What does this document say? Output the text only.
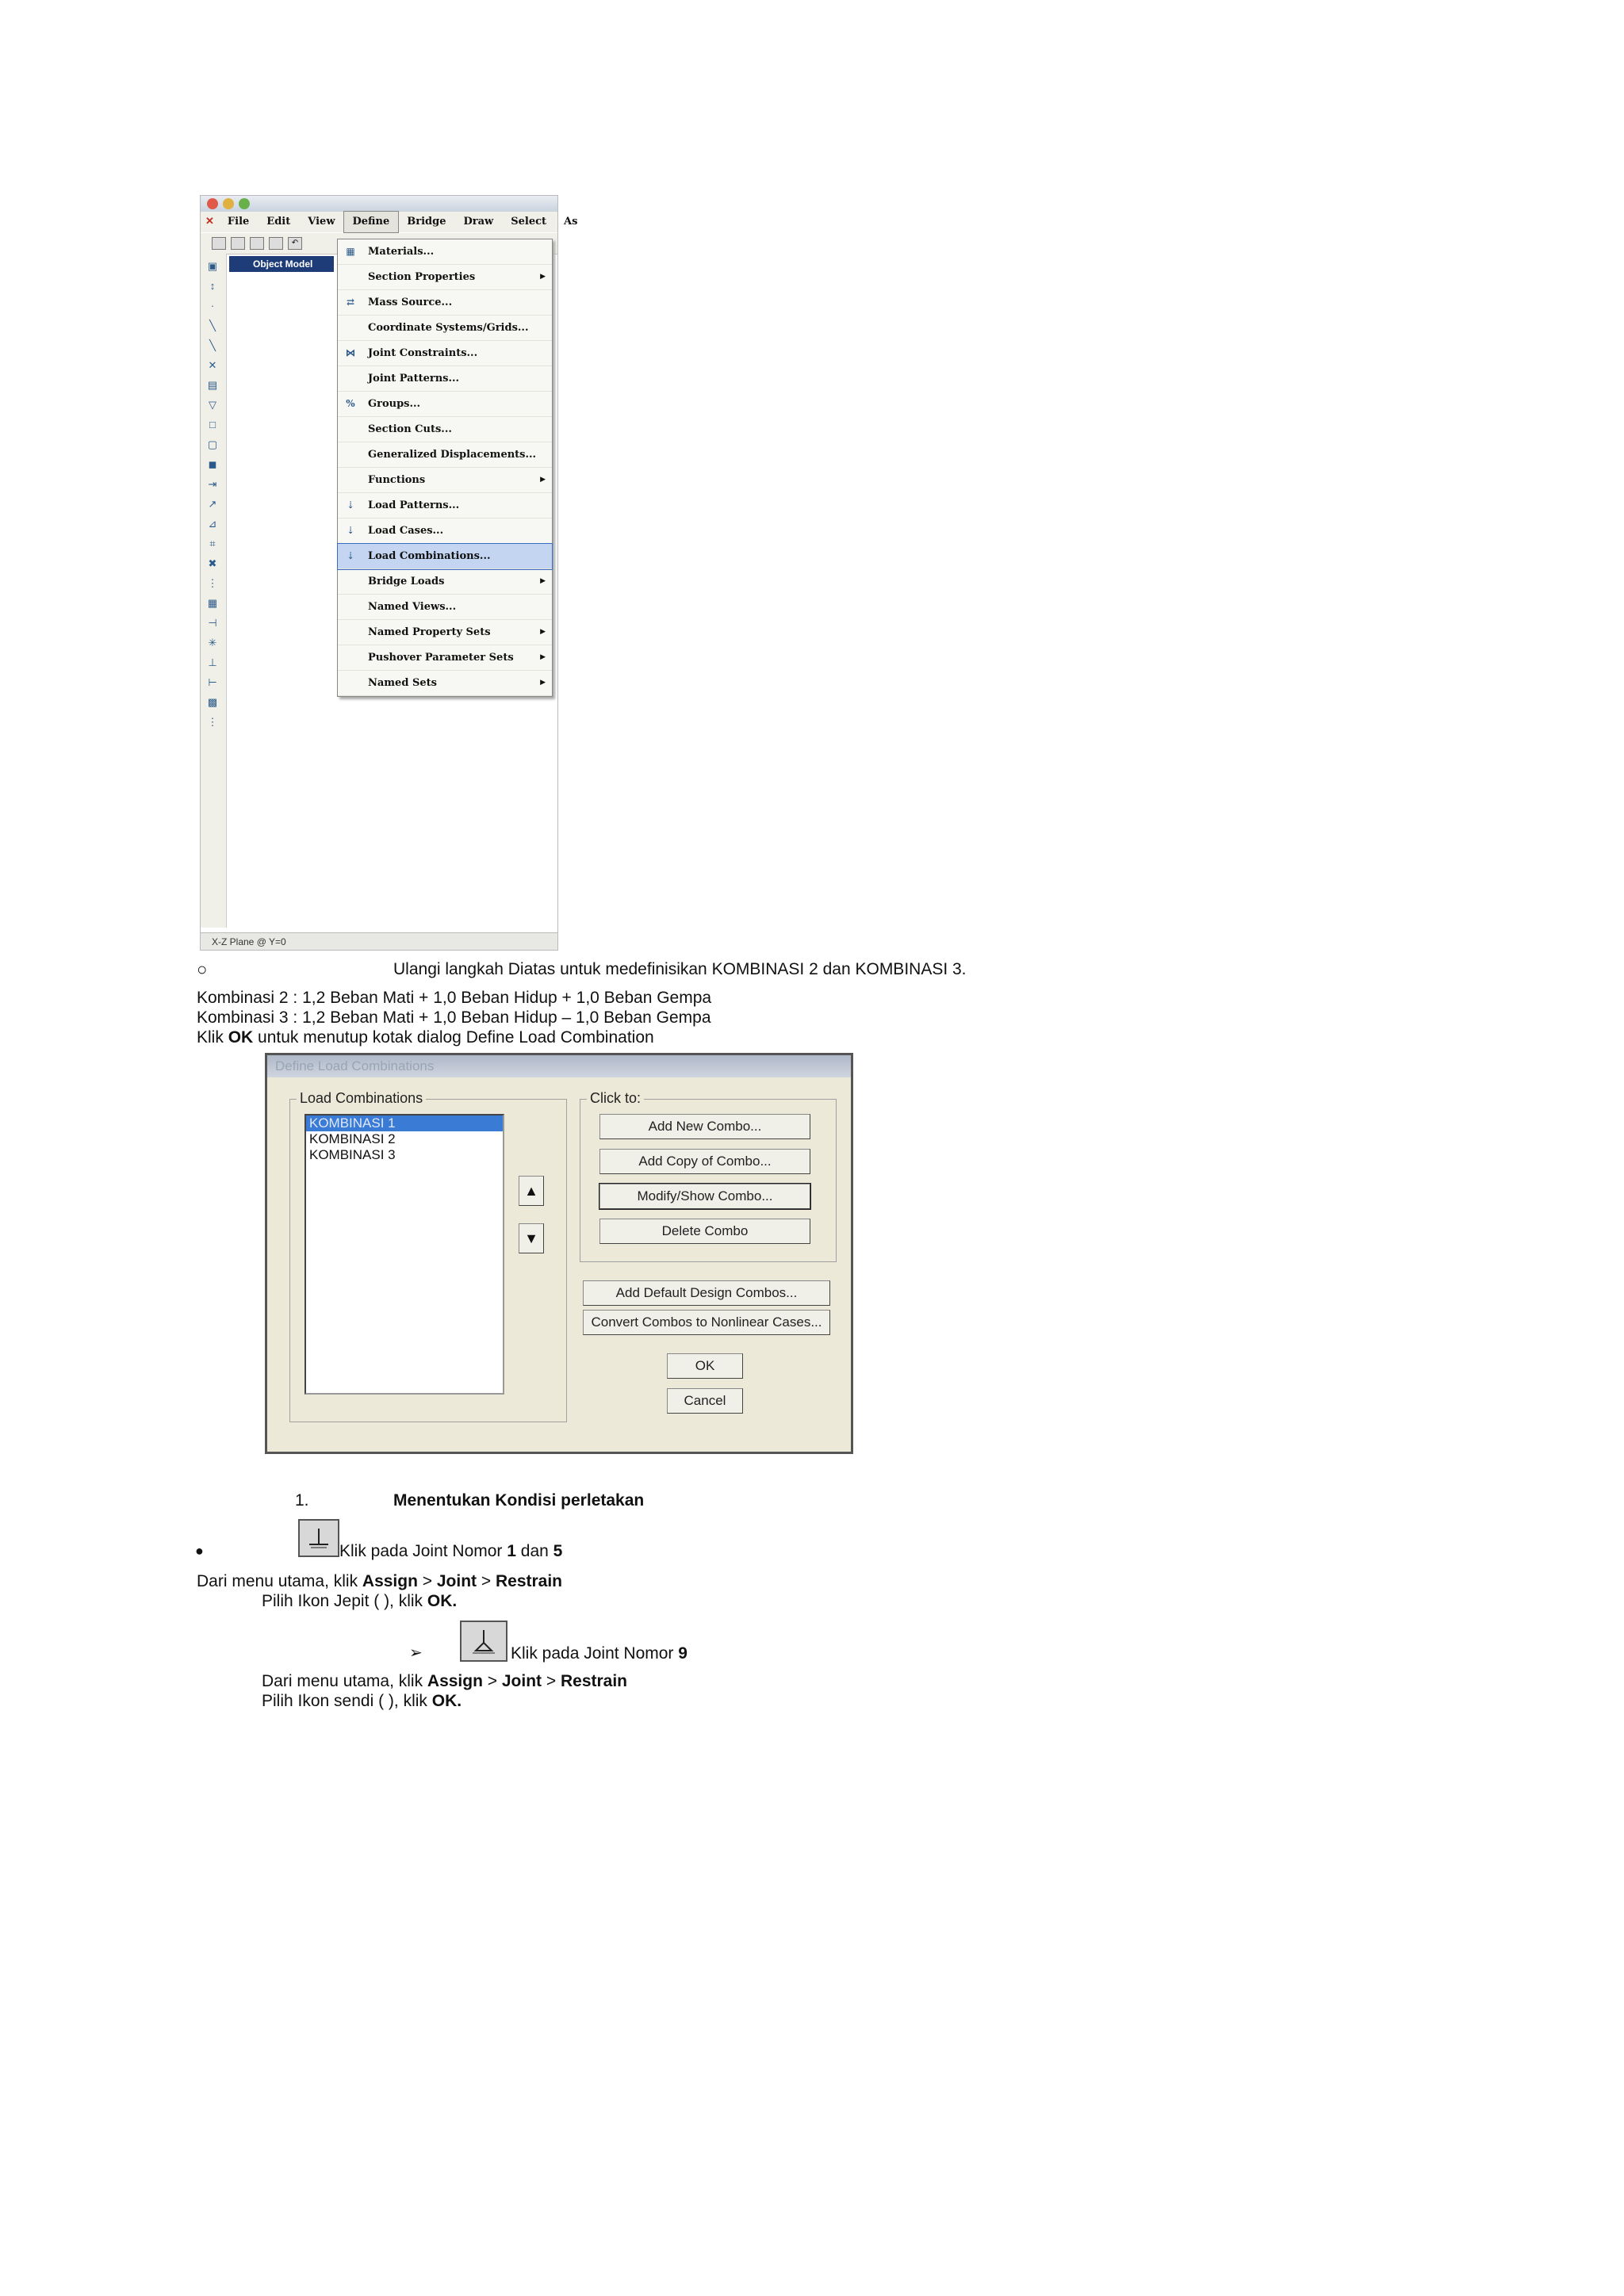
✕	File	Edit	View	Define	Bridge	Draw	Select	As
↶
▣
↕
·
╲
╲
✕
▤
▽
□
▢
◼
⇥
↗
⊿
⌗
✖
⋮
▦
⊣
✳
⊥
⊢
▩
⋮
Object Model
▦ Materials...
Section Properties	▶
⇄ Mass Source...
Coordinate Systems/Grids...
⋈ Joint Constraints...
Joint Patterns...
% Groups...
Section Cuts...
Generalized Displacements...
Functions	▶
⇣ Load Patterns...
⇣ Load Cases...
⇣ Load Combinations...
Bridge Loads	▶
Named Views...
Named Property Sets	▶
Pushover Parameter Sets	▶
Named Sets	▶
X-Z Plane @ Y=0
○	Ulangi langkah Diatas untuk medefinisikan KOMBINASI 2 dan KOMBINASI 3.
Kombinasi 2 : 1,2 Beban Mati + 1,0 Beban Hidup + 1,0 Beban Gempa
Kombinasi 3 : 1,2 Beban Mati + 1,0 Beban Hidup – 1,0 Beban Gempa
Klik OK untuk menutup kotak dialog Define Load Combination
Define Load Combinations
Load Combinations
KOMBINASI 1
KOMBINASI 2
KOMBINASI 3
▲
▼
Click to:
Add New Combo...
Add Copy of Combo...
Modify/Show Combo...
Delete Combo
Add Default Design Combos...
Convert Combos to Nonlinear Cases...
OK
Cancel
1.	Menentukan Kondisi perletakan
●	Klik pada Joint Nomor 1 dan 5
Dari menu utama, klik Assign > Joint > Restrain
Pilih Ikon Jepit ( ), klik OK.
➢	Klik pada Joint Nomor 9
Dari menu utama, klik Assign > Joint > Restrain
Pilih Ikon sendi ( ), klik OK.
